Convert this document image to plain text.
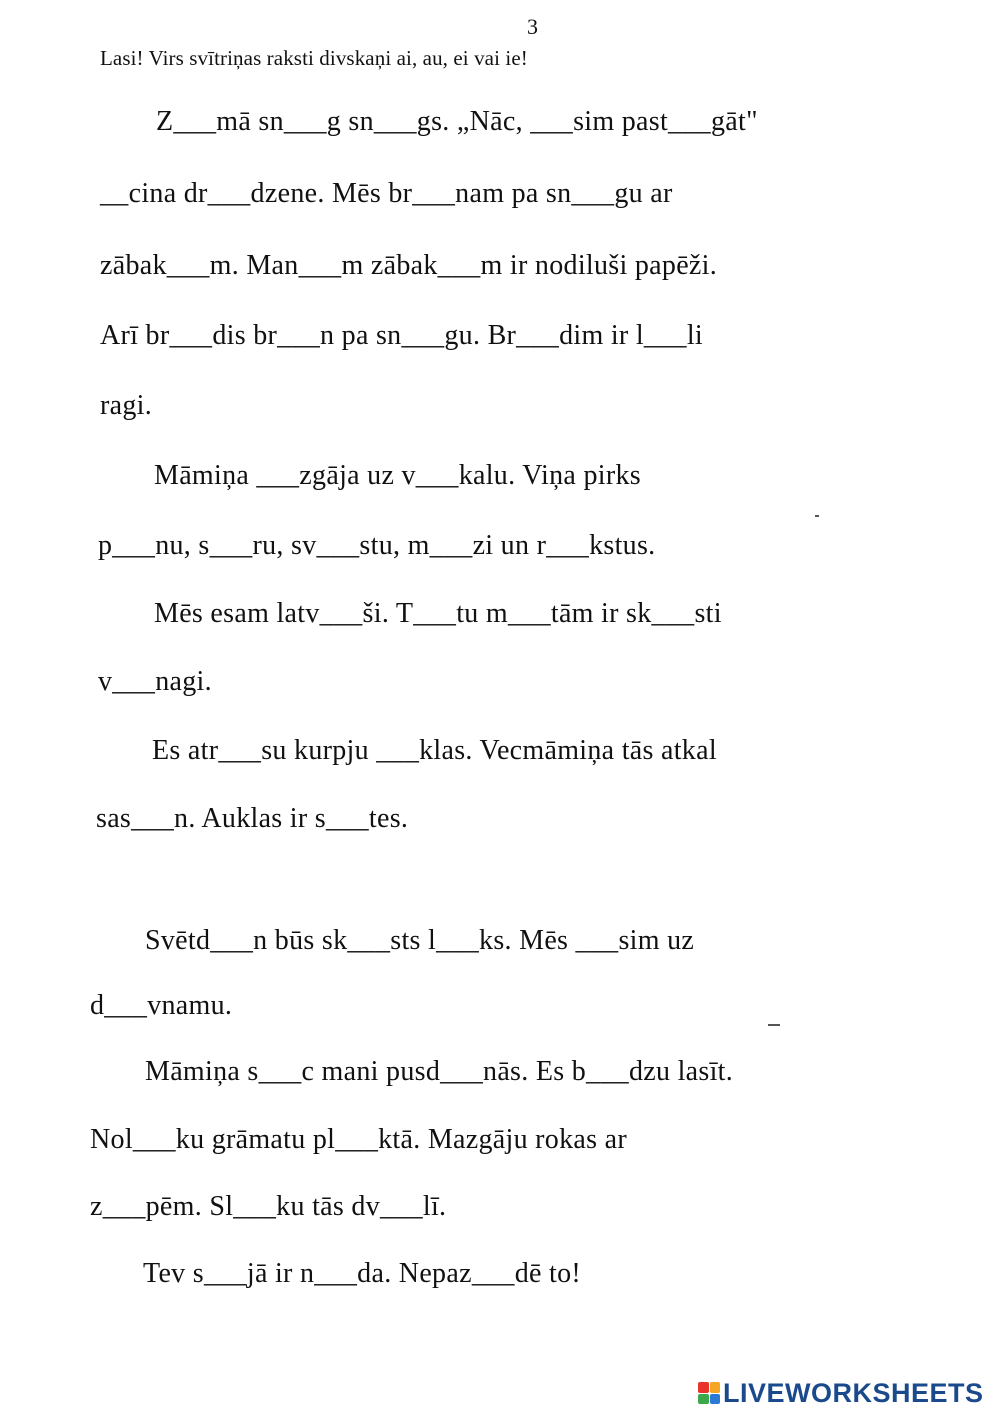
3
Lasi! Virs svītriņas raksti divskaņi ai, au, ei vai ie!
Z___mā sn___g sn___gs. „Nāc, ___sim past___gāt"
__cina dr___dzene. Mēs br___nam pa sn___gu ar
zābak___m. Man___m zābak___m ir nodiluši papēži.
Arī br___dis br___n pa sn___gu. Br___dim ir l___li
ragi.
Māmiņa ___zgāja uz v___kalu. Viņa pirks
p___nu, s___ru, sv___stu, m___zi un r___kstus.
Mēs esam latv___ši. T___tu m___tām ir sk___sti
v___nagi.
Es atr___su kurpju ___klas. Vecmāmiņa tās atkal
sas___n. Auklas ir s___tes.
Svētd___n būs sk___sts l___ks. Mēs ___sim uz
d___vnamu.
Māmiņa s___c mani pusd___nās. Es b___dzu lasīt.
Nol___ku grāmatu pl___ktā. Mazgāju rokas ar
z___pēm. Sl___ku tās dv___lī.
Tev s___jā ir n___da. Nepaz___dē to!
LIVEWORKSHEETS
